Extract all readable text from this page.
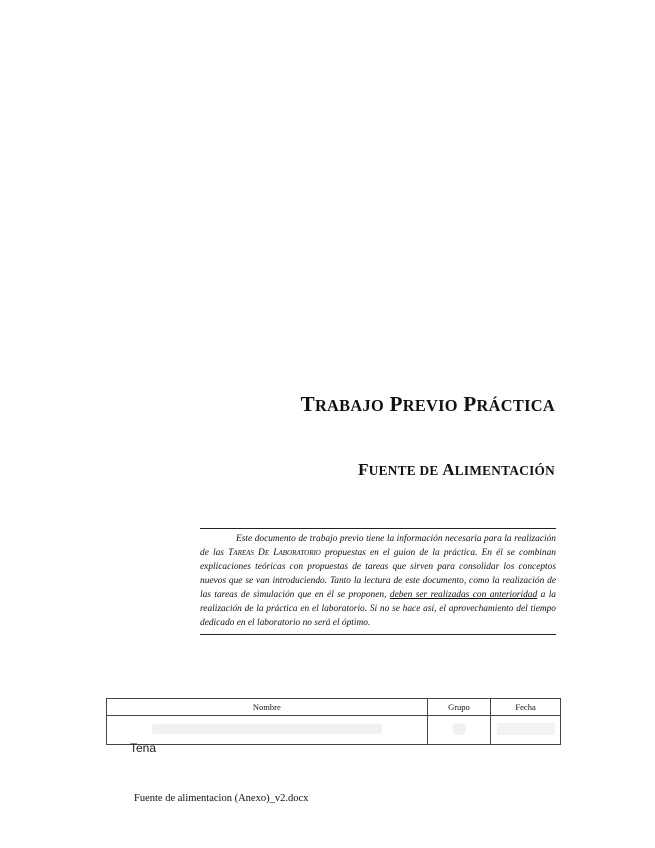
TRABAJO PREVIO PRÁCTICA
FUENTE DE ALIMENTACIÓN

Este documento de trabajo previo tiene la información necesaria para la realización de las Tareas De Laboratorio propuestas en el guion de la práctica. En él se combinan explicaciones teóricas con propuestas de tareas que sirven para consolidar los conceptos nuevos que se van introduciendo. Tanto la lectura de este documento, como la realización de las tareas de simulación que en él se proponen, deben ser realizadas con anterioridad a la realización de la práctica en el laboratorio. Si no se hace así, el aprovechamiento del tiempo dedicado en el laboratorio no será el óptimo.

Nombre	Grupo	Fecha

Tena
Fuente de alimentacion (Anexo)_v2.docx
